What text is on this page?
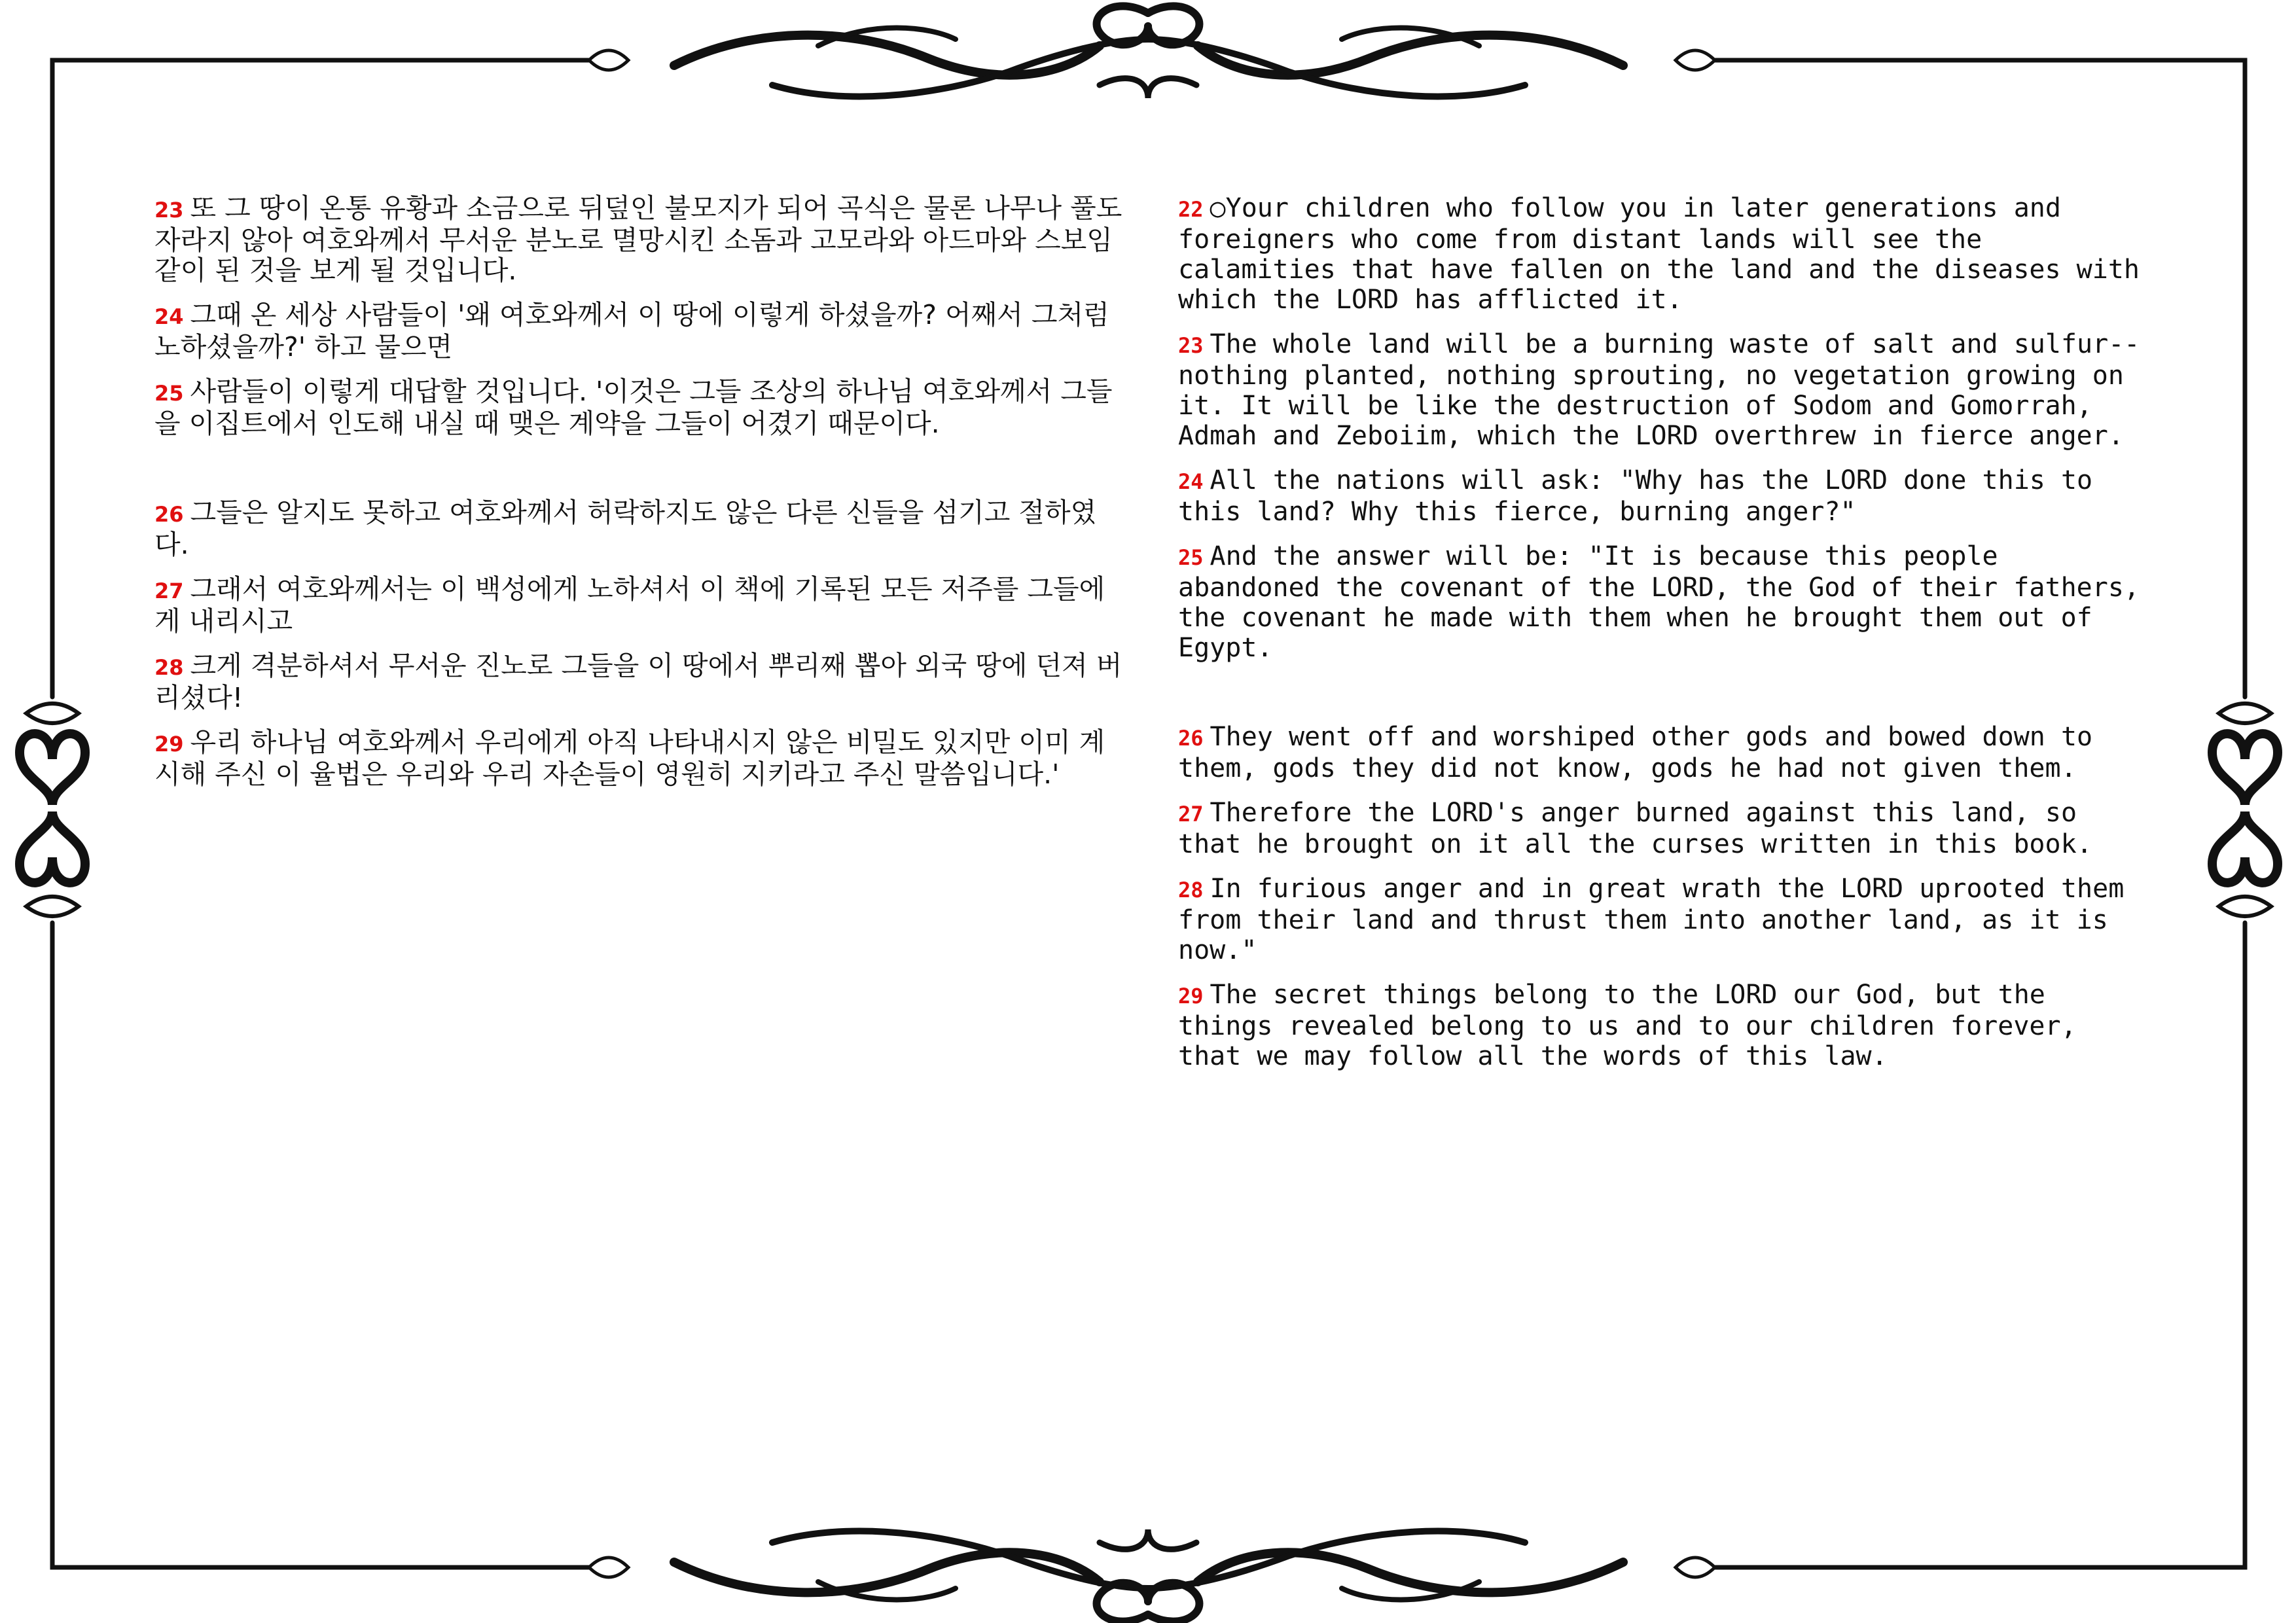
23 또 그 땅이 온통 유황과 소금으로 뒤덮인 불모지가 되어 곡식은 물론 나무나 풀도 자라지 않아 여호와께서 무서운 분노로 멸망시킨 소돔과 고모라와 아드마와 스보임같이 된 것을 보게 될 것입니다.

24 그때 온 세상 사람들이 '왜 여호와께서 이 땅에 이렇게 하셨을까? 어째서 그처럼 노하셨을까?' 하고 물으면

25 사람들이 이렇게 대답할 것입니다. '이것은 그들 조상의 하나님 여호와께서 그들을 이집트에서 인도해 내실 때 맺은 계약을 그들이 어겼기 때문이다.

26 그들은 알지도 못하고 여호와께서 허락하지도 않은 다른 신들을 섬기고 절하였다.

27 그래서 여호와께서는 이 백성에게 노하셔서 이 책에 기록된 모든 저주를 그들에게 내리시고

28 크게 격분하셔서 무서운 진노로 그들을 이 땅에서 뿌리째 뽑아 외국 땅에 던져 버리셨다!

29 우리 하나님 여호와께서 우리에게 아직 나타내시지 않은 비밀도 있지만 이미 계시해 주신 이 율법은 우리와 우리 자손들이 영원히 지키라고 주신 말씀입니다.'

22 ○Your children who follow you in later generations and foreigners who come from distant lands will see the calamities that have fallen on the land and the diseases with which the LORD has afflicted it.

23 The whole land will be a burning waste of salt and sulfur--nothing planted, nothing sprouting, no vegetation growing on it. It will be like the destruction of Sodom and Gomorrah, Admah and Zeboiim, which the LORD overthrew in fierce anger.

24 All the nations will ask: "Why has the LORD done this to this land? Why this fierce, burning anger?"

25 And the answer will be: "It is because this people abandoned the covenant of the LORD, the God of their fathers, the covenant he made with them when he brought them out of Egypt.

26 They went off and worshiped other gods and bowed down to them, gods they did not know, gods he had not given them.

27 Therefore the LORD's anger burned against this land, so that he brought on it all the curses written in this book.

28 In furious anger and in great wrath the LORD uprooted them from their land and thrust them into another land, as it is now."

29 The secret things belong to the LORD our God, but the things revealed belong to us and to our children forever, that we may follow all the words of this law.
